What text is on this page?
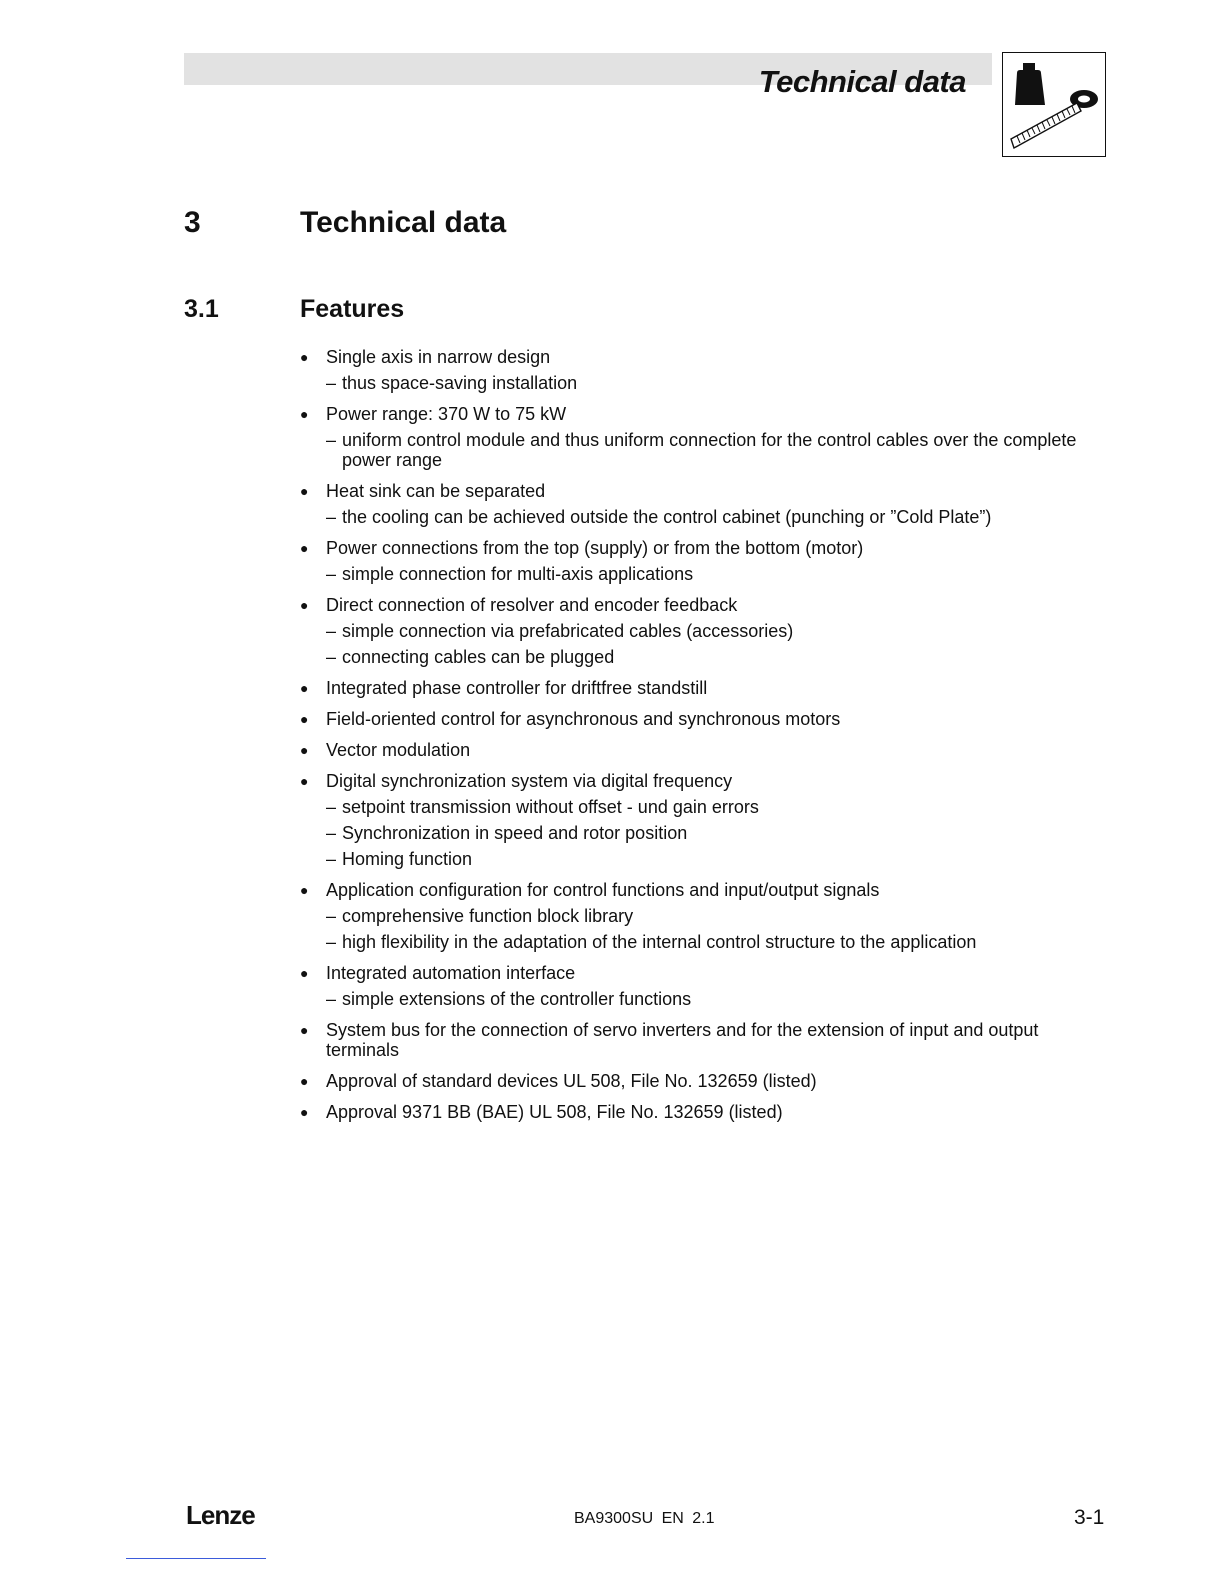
Technical data
3	Technical data
3.1	Features
● Single axis in narrow design
– thus space-saving installation
● Power range: 370 W to 75 kW
– uniform control module and thus uniform connection for the control cables over the complete power range
● Heat sink can be separated
– the cooling can be achieved outside the control cabinet (punching or ”Cold Plate”)
● Power connections from the top (supply) or from the bottom (motor)
– simple connection for multi-axis applications
● Direct connection of resolver and encoder feedback
– simple connection via prefabricated cables (accessories)
– connecting cables can be plugged
● Integrated phase controller for driftfree standstill
● Field-oriented control for asynchronous and synchronous motors
● Vector modulation
● Digital synchronization system via digital frequency
– setpoint transmission without offset - und gain errors
– Synchronization in speed and rotor position
– Homing function
● Application configuration for control functions and input/output signals
– comprehensive function block library
– high flexibility in the adaptation of the internal control structure to the application
● Integrated automation interface
– simple extensions of the controller functions
● System bus for the connection of servo inverters and for the extension of input and output terminals
● Approval of standard devices UL 508, File No. 132659 (listed)
● Approval 9371 BB (BAE) UL 508, File No. 132659 (listed)
Lenze	BA9300SU EN 2.1	3-1
